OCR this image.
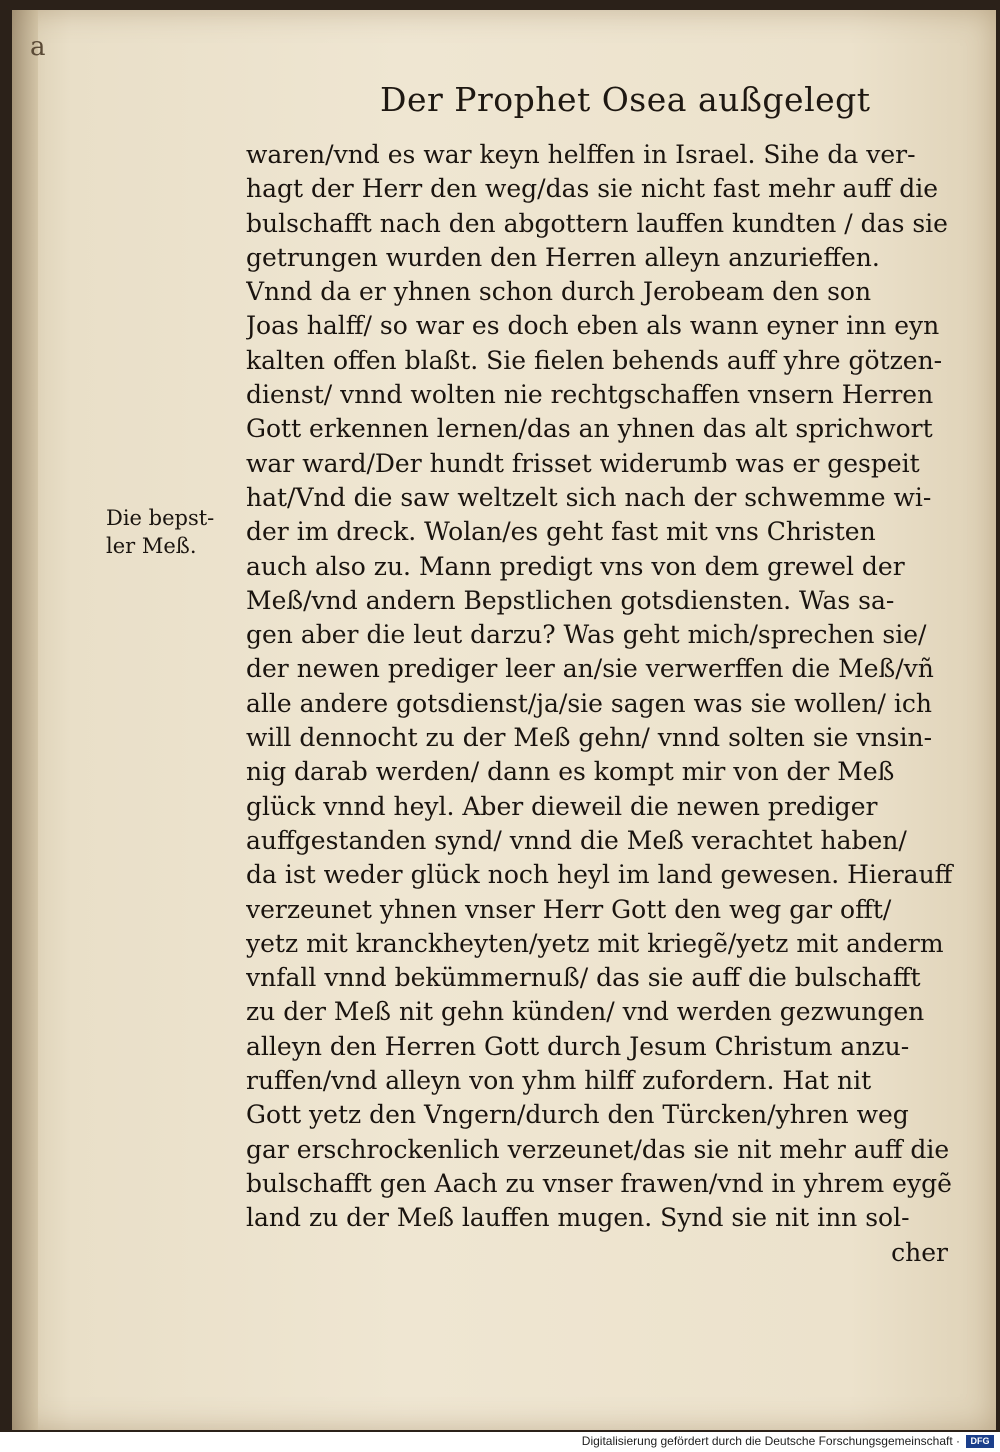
a
Der Prophet Osea außgelegt
Die bepst-
ler Meß.
waren/vnd es war keyn helffen in Israel. Sihe da ver-
hagt der Herr den weg/das sie nicht fast mehr auff die
bulschafft nach den abgottern lauffen kundten / das sie
getrungen wurden den Herren alleyn anzurieffen.
Vnnd da er yhnen schon durch Jerobeam den son
Joas halff/ so war es doch eben als wann eyner inn eyn
kalten offen blaßt. Sie fielen behends auff yhre götzen-
dienst/ vnnd wolten nie rechtgschaffen vnsern Herren
Gott erkennen lernen/das an yhnen das alt sprichwort
war ward/Der hundt frisset widerumb was er gespeit
hat/Vnd die saw weltzelt sich nach der schwemme wi-
der im dreck. Wolan/es geht fast mit vns Christen
auch also zu. Mann predigt vns von dem grewel der
Meß/vnd andern Bepstlichen gotsdiensten. Was sa-
gen aber die leut darzu? Was geht mich/sprechen sie/
der newen prediger leer an/sie verwerffen die Meß/vñ
alle andere gotsdienst/ja/sie sagen was sie wollen/ ich
will dennocht zu der Meß gehn/ vnnd solten sie vnsin-
nig darab werden/ dann es kompt mir von der Meß
glück vnnd heyl. Aber dieweil die newen prediger
auffgestanden synd/ vnnd die Meß verachtet haben/
da ist weder glück noch heyl im land gewesen. Hierauff
verzeunet yhnen vnser Herr Gott den weg gar offt/
yetz mit kranckheyten/yetz mit kriegẽ/yetz mit anderm
vnfall vnnd bekümmernuß/ das sie auff die bulschafft
zu der Meß nit gehn künden/ vnd werden gezwungen
alleyn den Herren Gott durch Jesum Christum anzu-
ruffen/vnd alleyn von yhm hilff zufordern. Hat nit
Gott yetz den Vngern/durch den Türcken/yhren weg
gar erschrockenlich verzeunet/das sie nit mehr auff die
bulschafft gen Aach zu vnser frawen/vnd in yhrem eygẽ
land zu der Meß lauffen mugen. Synd sie nit inn sol-
cher
Digitalisierung gefördert durch die Deutsche Forschungsgemeinschaft ·	DFG
